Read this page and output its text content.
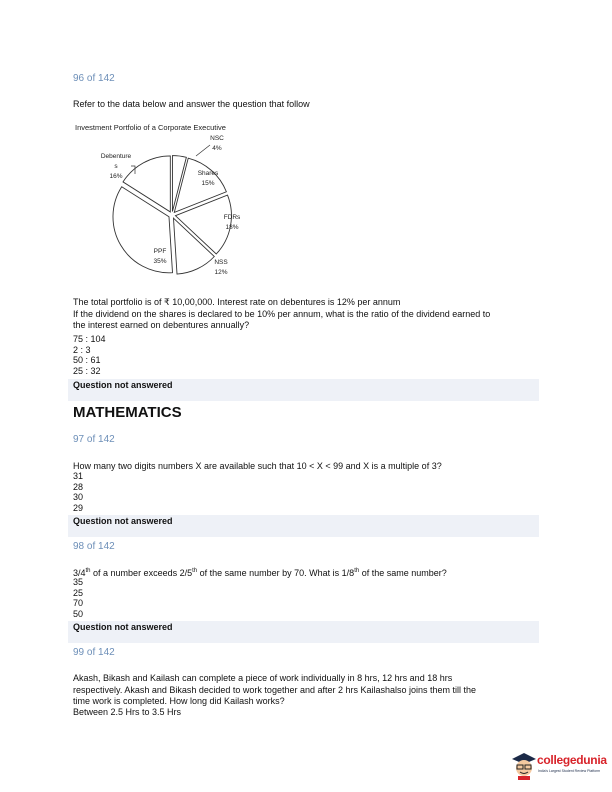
96 of 142
Refer to the data below and answer the question that follow
Investment Portfolio of a Corporate Executive
NSC
4%
Shares
15%
FDRs
18%
NSS
12%
PPF
35%
Debenture
s
16%
The total portfolio is of ₹ 10,00,000. Interest rate on debentures is 12% per annum
If the dividend on the shares is declared to be 10% per annum, what is the ratio of the dividend earned to
the interest earned on debentures annually?
75 : 104
2 : 3
50 : 61
25 : 32
Question not answered
MATHEMATICS
97 of 142
How many two digits numbers X are available such that 10 < X < 99 and X is a multiple of 3?
31
28
30
29
Question not answered
98 of 142
3/4th of a number exceeds 2/5th of the same number by 70. What is 1/8th of the same number?
35
25
70
50
Question not answered
99 of 142
Akash, Bikash and Kailash can complete a piece of work individually in 8 hrs, 12 hrs and 18 hrs
respectively. Akash and Bikash decided to work together and after 2 hrs Kailashalso joins them till the
time work is completed. How long did Kailash works?
Between 2.5 Hrs to 3.5 Hrs
collegedunia
India's Largest Student Review Platform
